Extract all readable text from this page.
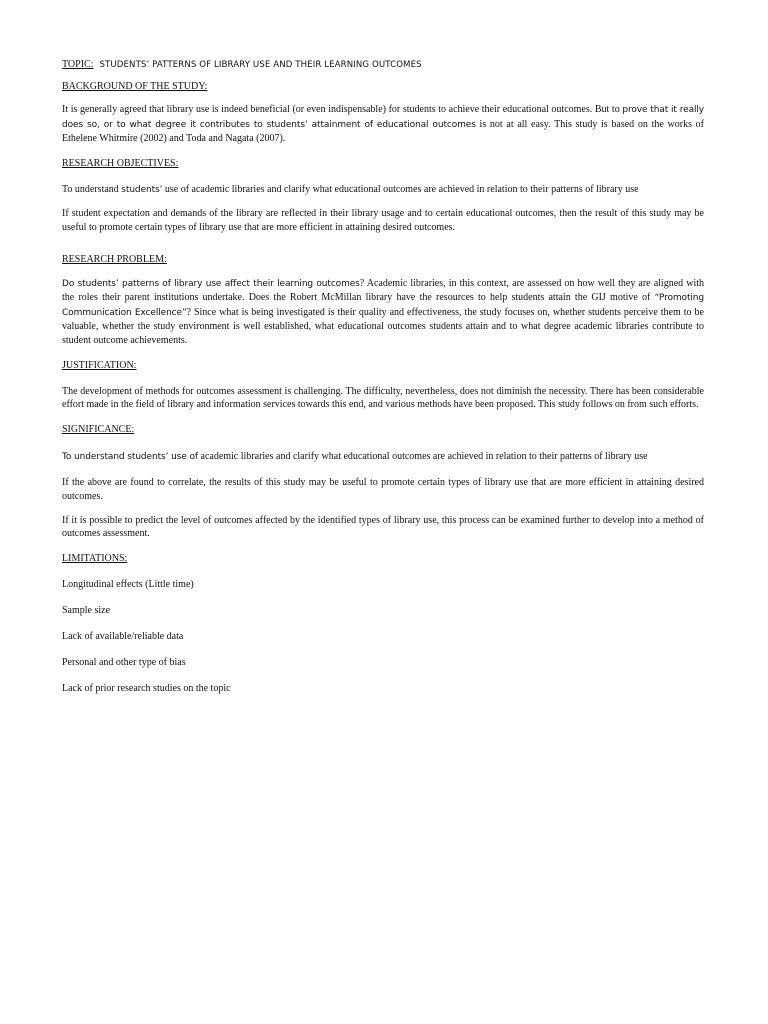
TOPIC: STUDENTS’ PATTERNS OF LIBRARY USE AND THEIR LEARNING OUTCOMES

BACKGROUND OF THE STUDY:

It is generally agreed that library use is indeed beneficial (or even indispensable) for students to achieve their educational outcomes. But to prove that it really does so, or to what degree it contributes to students’ attainment of educational outcomes is not at all easy. This study is based on the works of Ethelene Whitmire (2002) and Toda and Nagata (2007).

RESEARCH OBJECTIVES:

To understand students’ use of academic libraries and clarify what educational outcomes are achieved in relation to their patterns of library use

If student expectation and demands of the library are reflected in their library usage and to certain educational outcomes, then the result of this study may be useful to promote certain types of library use that are more efficient in attaining desired outcomes.

RESEARCH PROBLEM:

Do students’ patterns of library use affect their learning outcomes? Academic libraries, in this context, are assessed on how well they are aligned with the roles their parent institutions undertake. Does the Robert McMillan library have the resources to help students attain the GIJ motive of “Promoting Communication Excellence”? Since what is being investigated is their quality and effectiveness, the study focuses on, whether students perceive them to be valuable, whether the study environment is well established, what educational outcomes students attain and to what degree academic libraries contribute to student outcome achievements.

JUSTIFICATION:

The development of methods for outcomes assessment is challenging. The difficulty, nevertheless, does not diminish the necessity. There has been considerable effort made in the field of library and information services towards this end, and various methods have been proposed. This study follows on from such efforts.

SIGNIFICANCE:

To understand students’ use of academic libraries and clarify what educational outcomes are achieved in relation to their patterns of library use

If the above are found to correlate, the results of this study may be useful to promote certain types of library use that are more efficient in attaining desired outcomes.

If it is possible to predict the level of outcomes affected by the identified types of library use, this process can be examined further to develop into a method of outcomes assessment.

LIMITATIONS:

Longitudinal effects (Little time)

Sample size

Lack of available/reliable data

Personal and other type of bias

Lack of prior research studies on the topic
